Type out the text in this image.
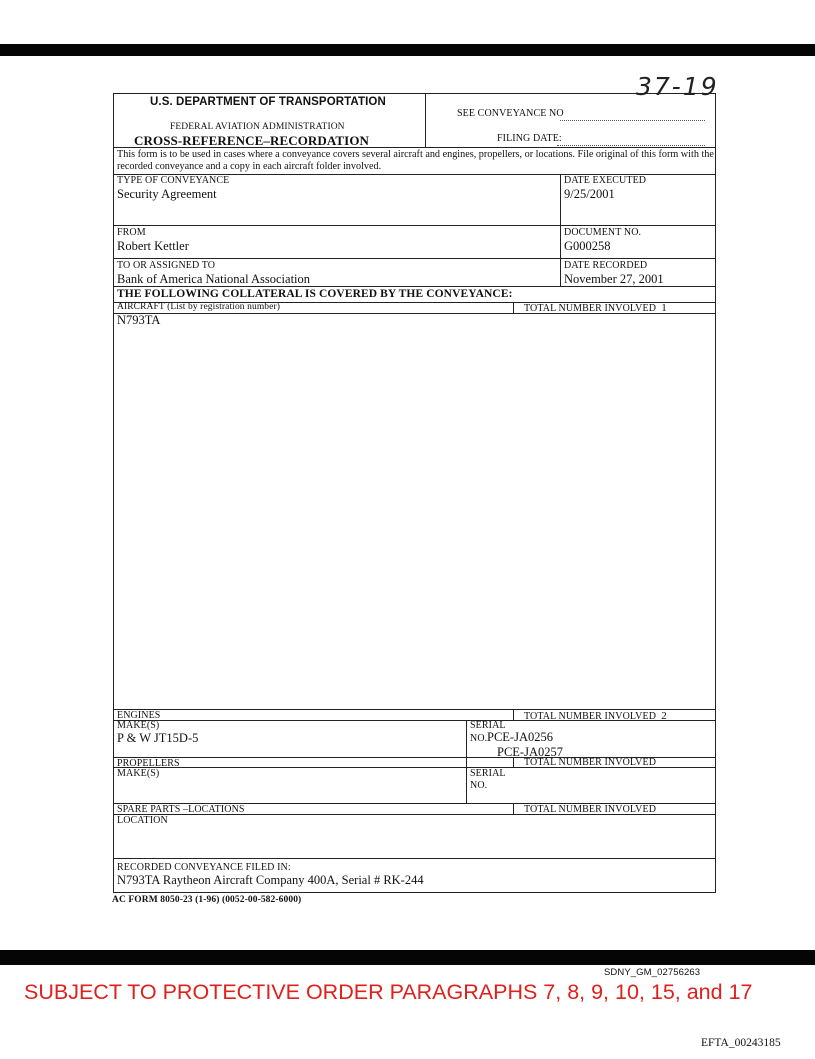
37-19
U.S. DEPARTMENT OF TRANSPORTATION
FEDERAL AVIATION ADMINISTRATION
CROSS-REFERENCE–RECORDATION
SEE CONVEYANCE NO
FILING DATE:
This form is to be used in cases where a conveyance covers several aircraft and engines, propellers, or locations. File original of this form with the recorded conveyance and a copy in each aircraft folder involved.
TYPE OF CONVEYANCE
Security Agreement
DATE EXECUTED
9/25/2001
FROM
Robert Kettler
DOCUMENT NO.
G000258
TO OR ASSIGNED TO
Bank of America National Association
DATE RECORDED
November 27, 2001
THE FOLLOWING COLLATERAL IS COVERED BY THE CONVEYANCE:
AIRCRAFT (List by registration number)	TOTAL NUMBER INVOLVED 1
N793TA
ENGINES	TOTAL NUMBER INVOLVED 2
MAKE(S)
P & W JT15D-5
SERIAL
NO. PCE-JA0256
PCE-JA0257
PROPELLERS	TOTAL NUMBER INVOLVED
MAKE(S)	SERIAL
NO.
SPARE PARTS –LOCATIONS	TOTAL NUMBER INVOLVED
LOCATION
RECORDED CONVEYANCE FILED IN:
N793TA Raytheon Aircraft Company 400A, Serial # RK-244
AC FORM 8050-23 (1-96) (0052-00-582-6000)
SDNY_GM_02756263
SUBJECT TO PROTECTIVE ORDER PARAGRAPHS 7, 8, 9, 10, 15, and 17
EFTA_00243185
